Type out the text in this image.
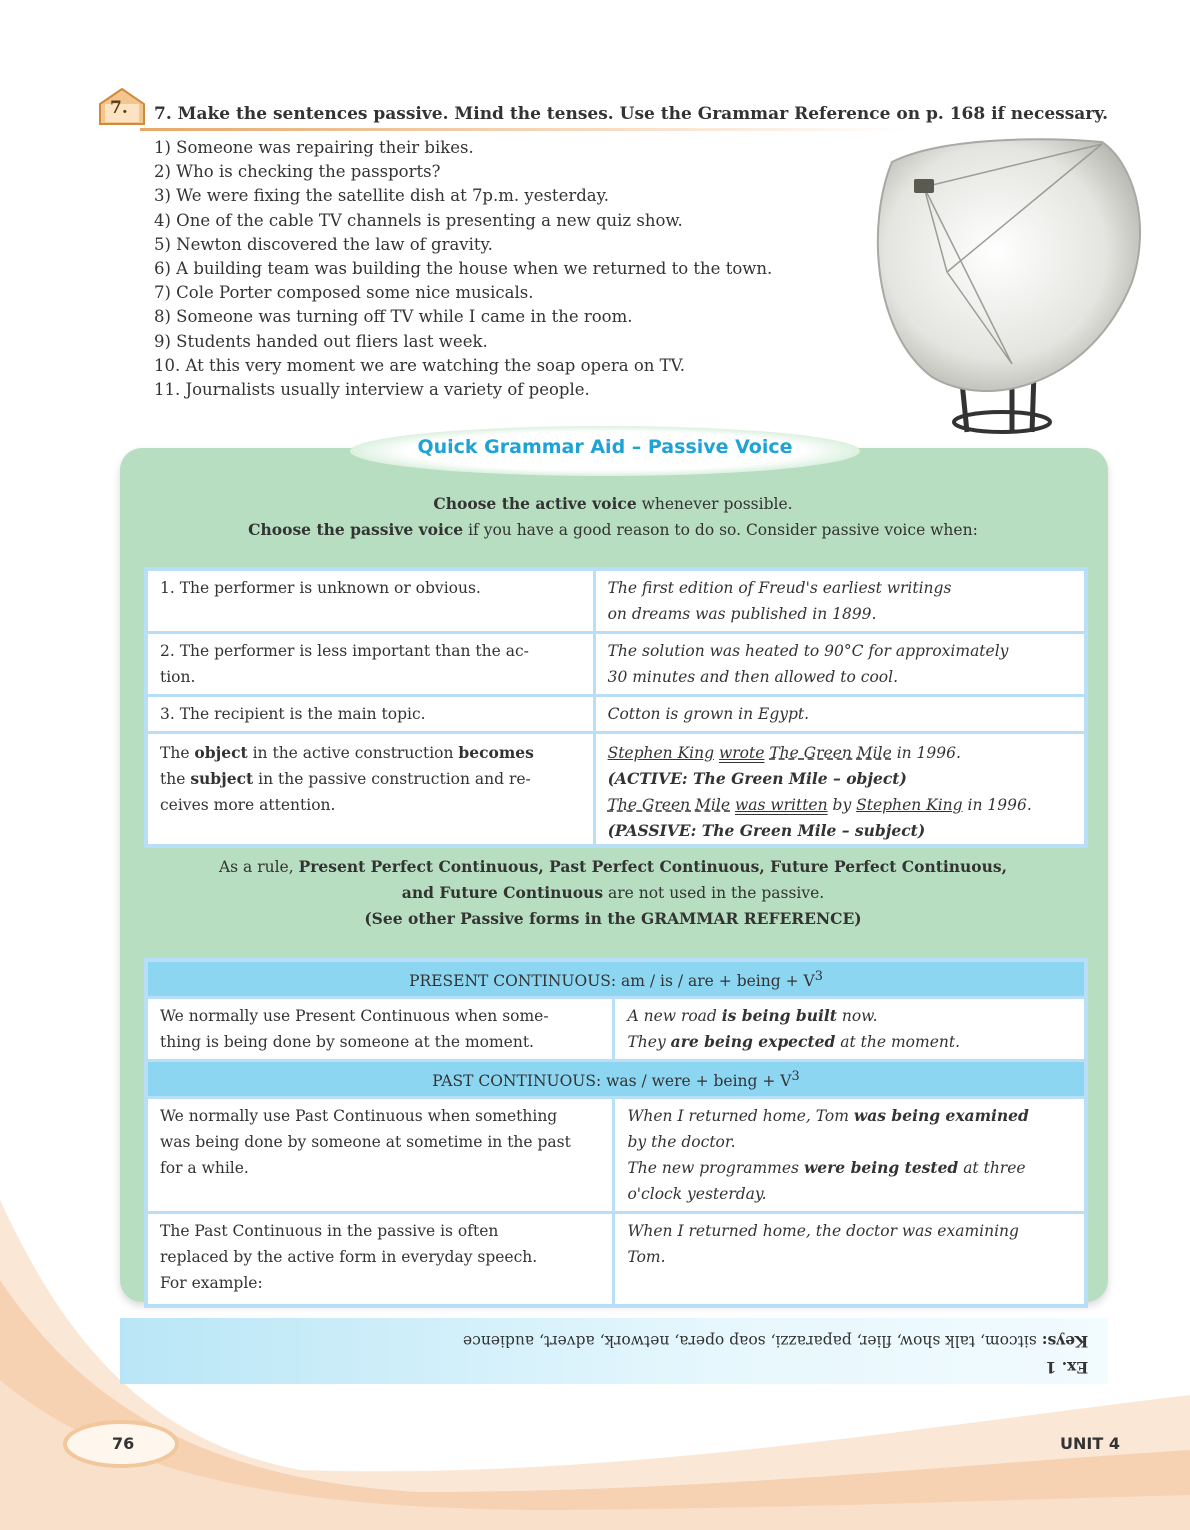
7. 7. Make the sentences passive. Mind the tenses. Use the Grammar Reference on p. 168 if necessary.
1) Someone was repairing their bikes.
2) Who is checking the passports?
3) We were fixing the satellite dish at 7p.m. yesterday.
4) One of the cable TV channels is presenting a new quiz show.
5) Newton discovered the law of gravity.
6) A building team was building the house when we returned to the town.
7) Cole Porter composed some nice musicals.
8) Someone was turning off TV while I came in the room.
9) Students handed out fliers last week.
10. At this very moment we are watching the soap opera on TV.
11. Journalists usually interview a variety of people.
Quick Grammar Aid – Passive Voice
Choose the active voice whenever possible.
Choose the passive voice if you have a good reason to do so. Consider passive voice when:
1. The performer is unknown or obvious.	The first edition of Freud's earliest writings
on dreams was published in 1899.
2. The performer is less important than the ac-
tion.	The solution was heated to 90°C for approximately
30 minutes and then allowed to cool.
3. The recipient is the main topic.	Cotton is grown in Egypt.
The object in the active construction becomes
the subject in the passive construction and re-
ceives more attention.	Stephen King wrote The Green Mile in 1996.
(ACTIVE: The Green Mile – object)
The Green Mile was written by Stephen King in 1996.
(PASSIVE: The Green Mile – subject)
As a rule, Present Perfect Continuous, Past Perfect Continuous, Future Perfect Continuous,
and Future Continuous are not used in the passive.
(See other Passive forms in the GRAMMAR REFERENCE)
PRESENT CONTINUOUS: am / is / are + being + $V^3$
We normally use Present Continuous when some-
thing is being done by someone at the moment.	A new road is being built now.
They are being expected at the moment.
PAST CONTINUOUS: was / were + being + $V^3$
We normally use Past Continuous when something
was being done by someone at sometime in the past
for a while.	When I returned home, Tom was being examined
by the doctor.
The new programmes were being tested at three
o'clock yesterday.
The Past Continuous in the passive is often
replaced by the active form in everyday speech.
For example:	When I returned home, the doctor was examining
Tom.
Ex. 1
Keys: sitcom, talk show, flier, paparazzi, soap opera, network, advert, audience
76	UNIT 4
